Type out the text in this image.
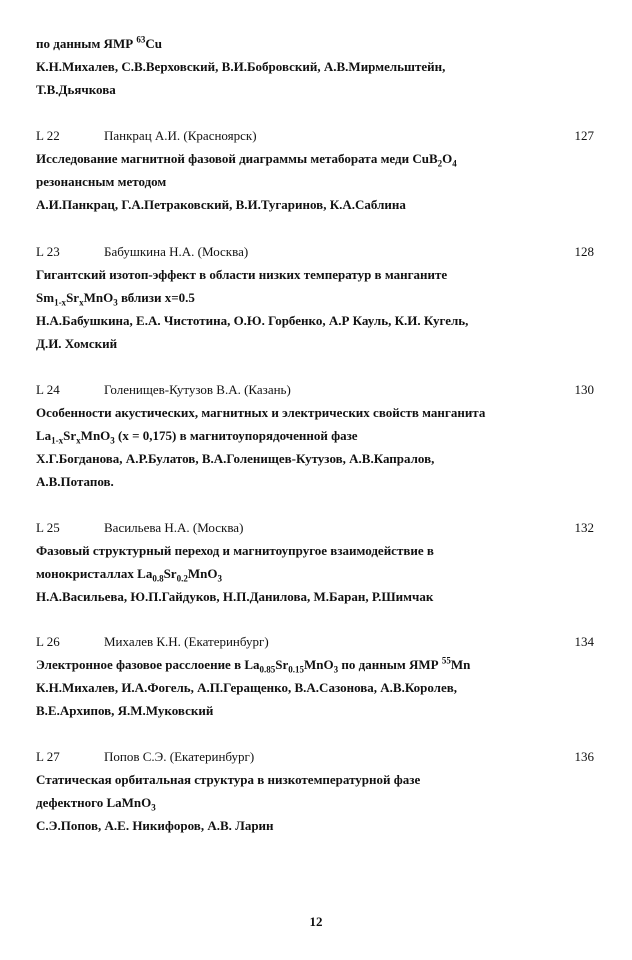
по данным ЯМР $^{63}$Cu
К.Н.Михалев, С.В.Верховский, В.И.Бобровский, А.В.Мирмельштейн,
Т.В.Дьячкова
L 22	Панкрац А.И. (Красноярск)	127
Исследование магнитной фазовой диаграммы метабората меди $CuB_2O_4$
резонансным методом
А.И.Панкрац, Г.А.Петраковский, В.И.Тугаринов, К.А.Саблина
L 23	Бабушкина Н.А. (Москва)	128
Гигантский изотоп-эффект в области низких температур в манганите
$Sm_{1-x}Sr_xMnO_3$ вблизи x=0.5
Н.А.Бабушкина, Е.А. Чистотина, О.Ю. Горбенко, А.Р Кауль, К.И. Кугель,
Д.И. Хомский
L 24	Голенищев-Кутузов В.А. (Казань)	130
Особенности акустических, магнитных и электрических свойств манганита
$La_{1-x}Sr_xMnO_3$ (x = 0,175) в магнитоупорядоченной фазе
Х.Г.Богданова, А.Р.Булатов, В.А.Голенищев-Кутузов, А.В.Капралов,
А.В.Потапов.
L 25	Васильева Н.А. (Москва)	132
Фазовый структурный переход и магнитоупругое взаимодействие в
монокристаллах $La_{0.8}Sr_{0.2}MnO_3$
Н.А.Васильева, Ю.П.Гайдуков, Н.П.Данилова, М.Баран, Р.Шимчак
L 26	Михалев К.Н. (Екатеринбург)	134
Электронное фазовое расслоение в $La_{0.85}Sr_{0.15}MnO_3$ по данным ЯМР $^{55}$Mn
К.Н.Михалев, И.А.Фогель, А.П.Геращенко, В.А.Сазонова, А.В.Королев,
В.Е.Архипов, Я.М.Муковский
L 27	Попов С.Э. (Екатеринбург)	136
Статическая орбитальная структура в низкотемпературной фазе
дефектного LaMnO$_3$
С.Э.Попов, А.Е. Никифоров, А.В. Ларин
12
